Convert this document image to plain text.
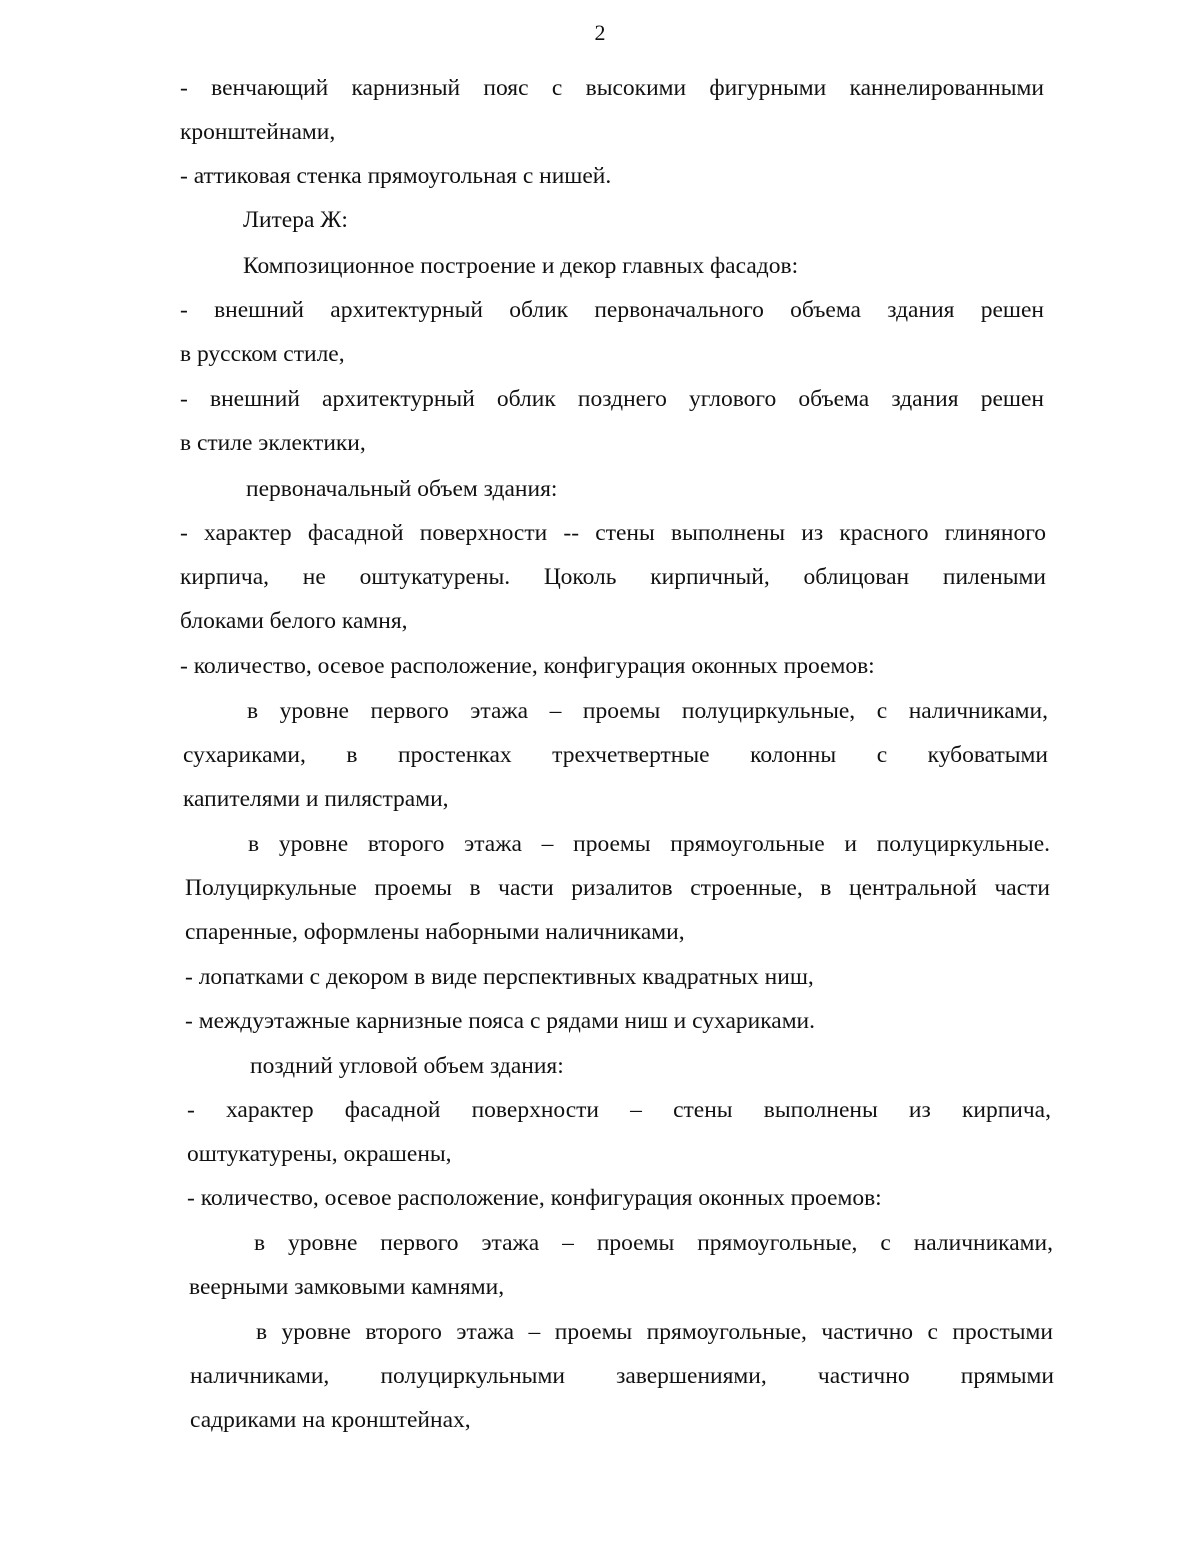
2
- венчающий карнизный пояс с высокими фигурными каннелированными
кронштейнами,
- аттиковая стенка прямоугольная с нишей.
Литера Ж:
Композиционное построение и декор главных фасадов:
- внешний архитектурный облик первоначального объема здания решен
в русском стиле,
- внешний архитектурный облик позднего углового объема здания решен
в стиле эклектики,
первоначальный объем здания:
- характер фасадной поверхности -- стены выполнены из красного глиняного
кирпича, не оштукатурены. Цоколь кирпичный, облицован пилеными
блоками белого камня,
- количество, осевое расположение, конфигурация оконных проемов:
в уровне первого этажа – проемы полуциркульные, с наличниками,
сухариками, в простенках трехчетвертные колонны с кубоватыми
капителями и пилястрами,
в уровне второго этажа – проемы прямоугольные и полуциркульные.
Полуциркульные проемы в части ризалитов строенные, в центральной части
спаренные, оформлены наборными наличниками,
- лопатками с декором в виде перспективных квадратных ниш,
- междуэтажные карнизные пояса с рядами ниш и сухариками.
поздний угловой объем здания:
- характер фасадной поверхности – стены выполнены из кирпича,
оштукатурены, окрашены,
- количество, осевое расположение, конфигурация оконных проемов:
в уровне первого этажа – проемы прямоугольные, с наличниками,
веерными замковыми камнями,
в уровне второго этажа – проемы прямоугольные, частично с простыми
наличниками, полуциркульными завершениями, частично прямыми
садриками на кронштейнах,
